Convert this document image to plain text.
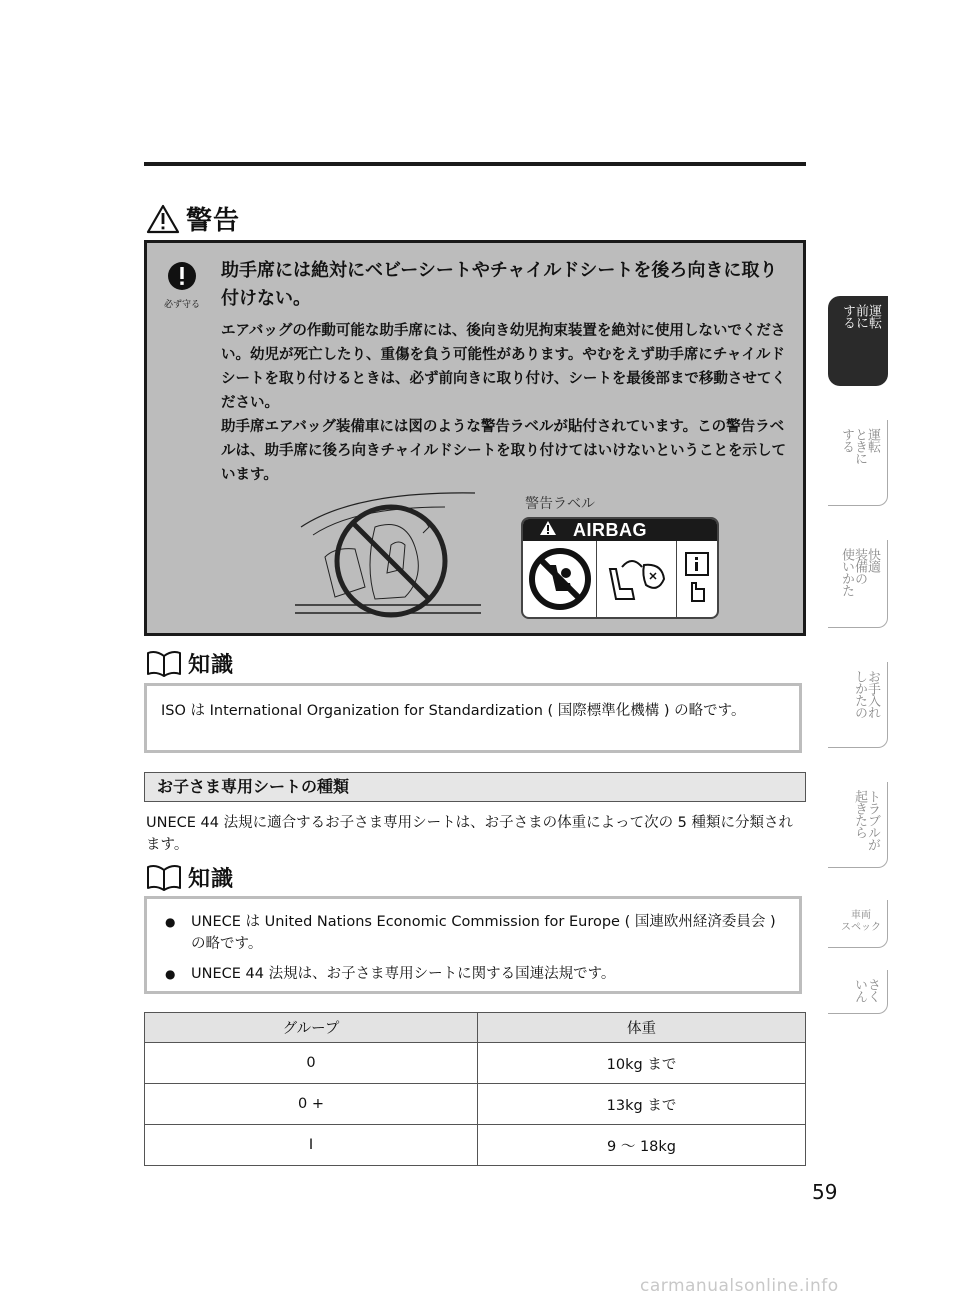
警告
必ず守る
助手席には絶対にベビーシートやチャイルドシートを後ろ向きに取り付けない。

エアバッグの作動可能な助手席には、後向き幼児拘束装置を絶対に使用しないでください。幼児が死亡したり、重傷を負う可能性があります。やむをえず助手席にチャイルドシートを取り付けるときは、必ず前向きに取り付け、シートを最後部まで移動させてください。

助手席エアバッグ装備車には図のような警告ラベルが貼付されています。この警告ラベルは、助手席に後ろ向きチャイルドシートを取り付けてはいけないということを示しています。

警告ラベル
AIRBAG
知識
ISO は International Organization for Standardization ( 国際標準化機構 ) の略です。
お子さま専用シートの種類
UNECE 44 法規に適合するお子さま専用シートは、お子さまの体重によって次の 5 種類に分類されます。
知識
● UNECE は United Nations Economic Commission for Europe ( 国連欧州経済委員会 ) の略です。
● UNECE 44 法規は、お子さま専用シートに関する国連法規です。
グループ	体重
0	10kg まで
0 +	13kg まで
I	9 ～ 18kg
59
carmanualsonline.info
運転
前に
する
運転
ときに
する
快適
装備の
使いかた
お手入れ
しかたの
トラブルが
起きたら
車両
スペック
さく
いん
